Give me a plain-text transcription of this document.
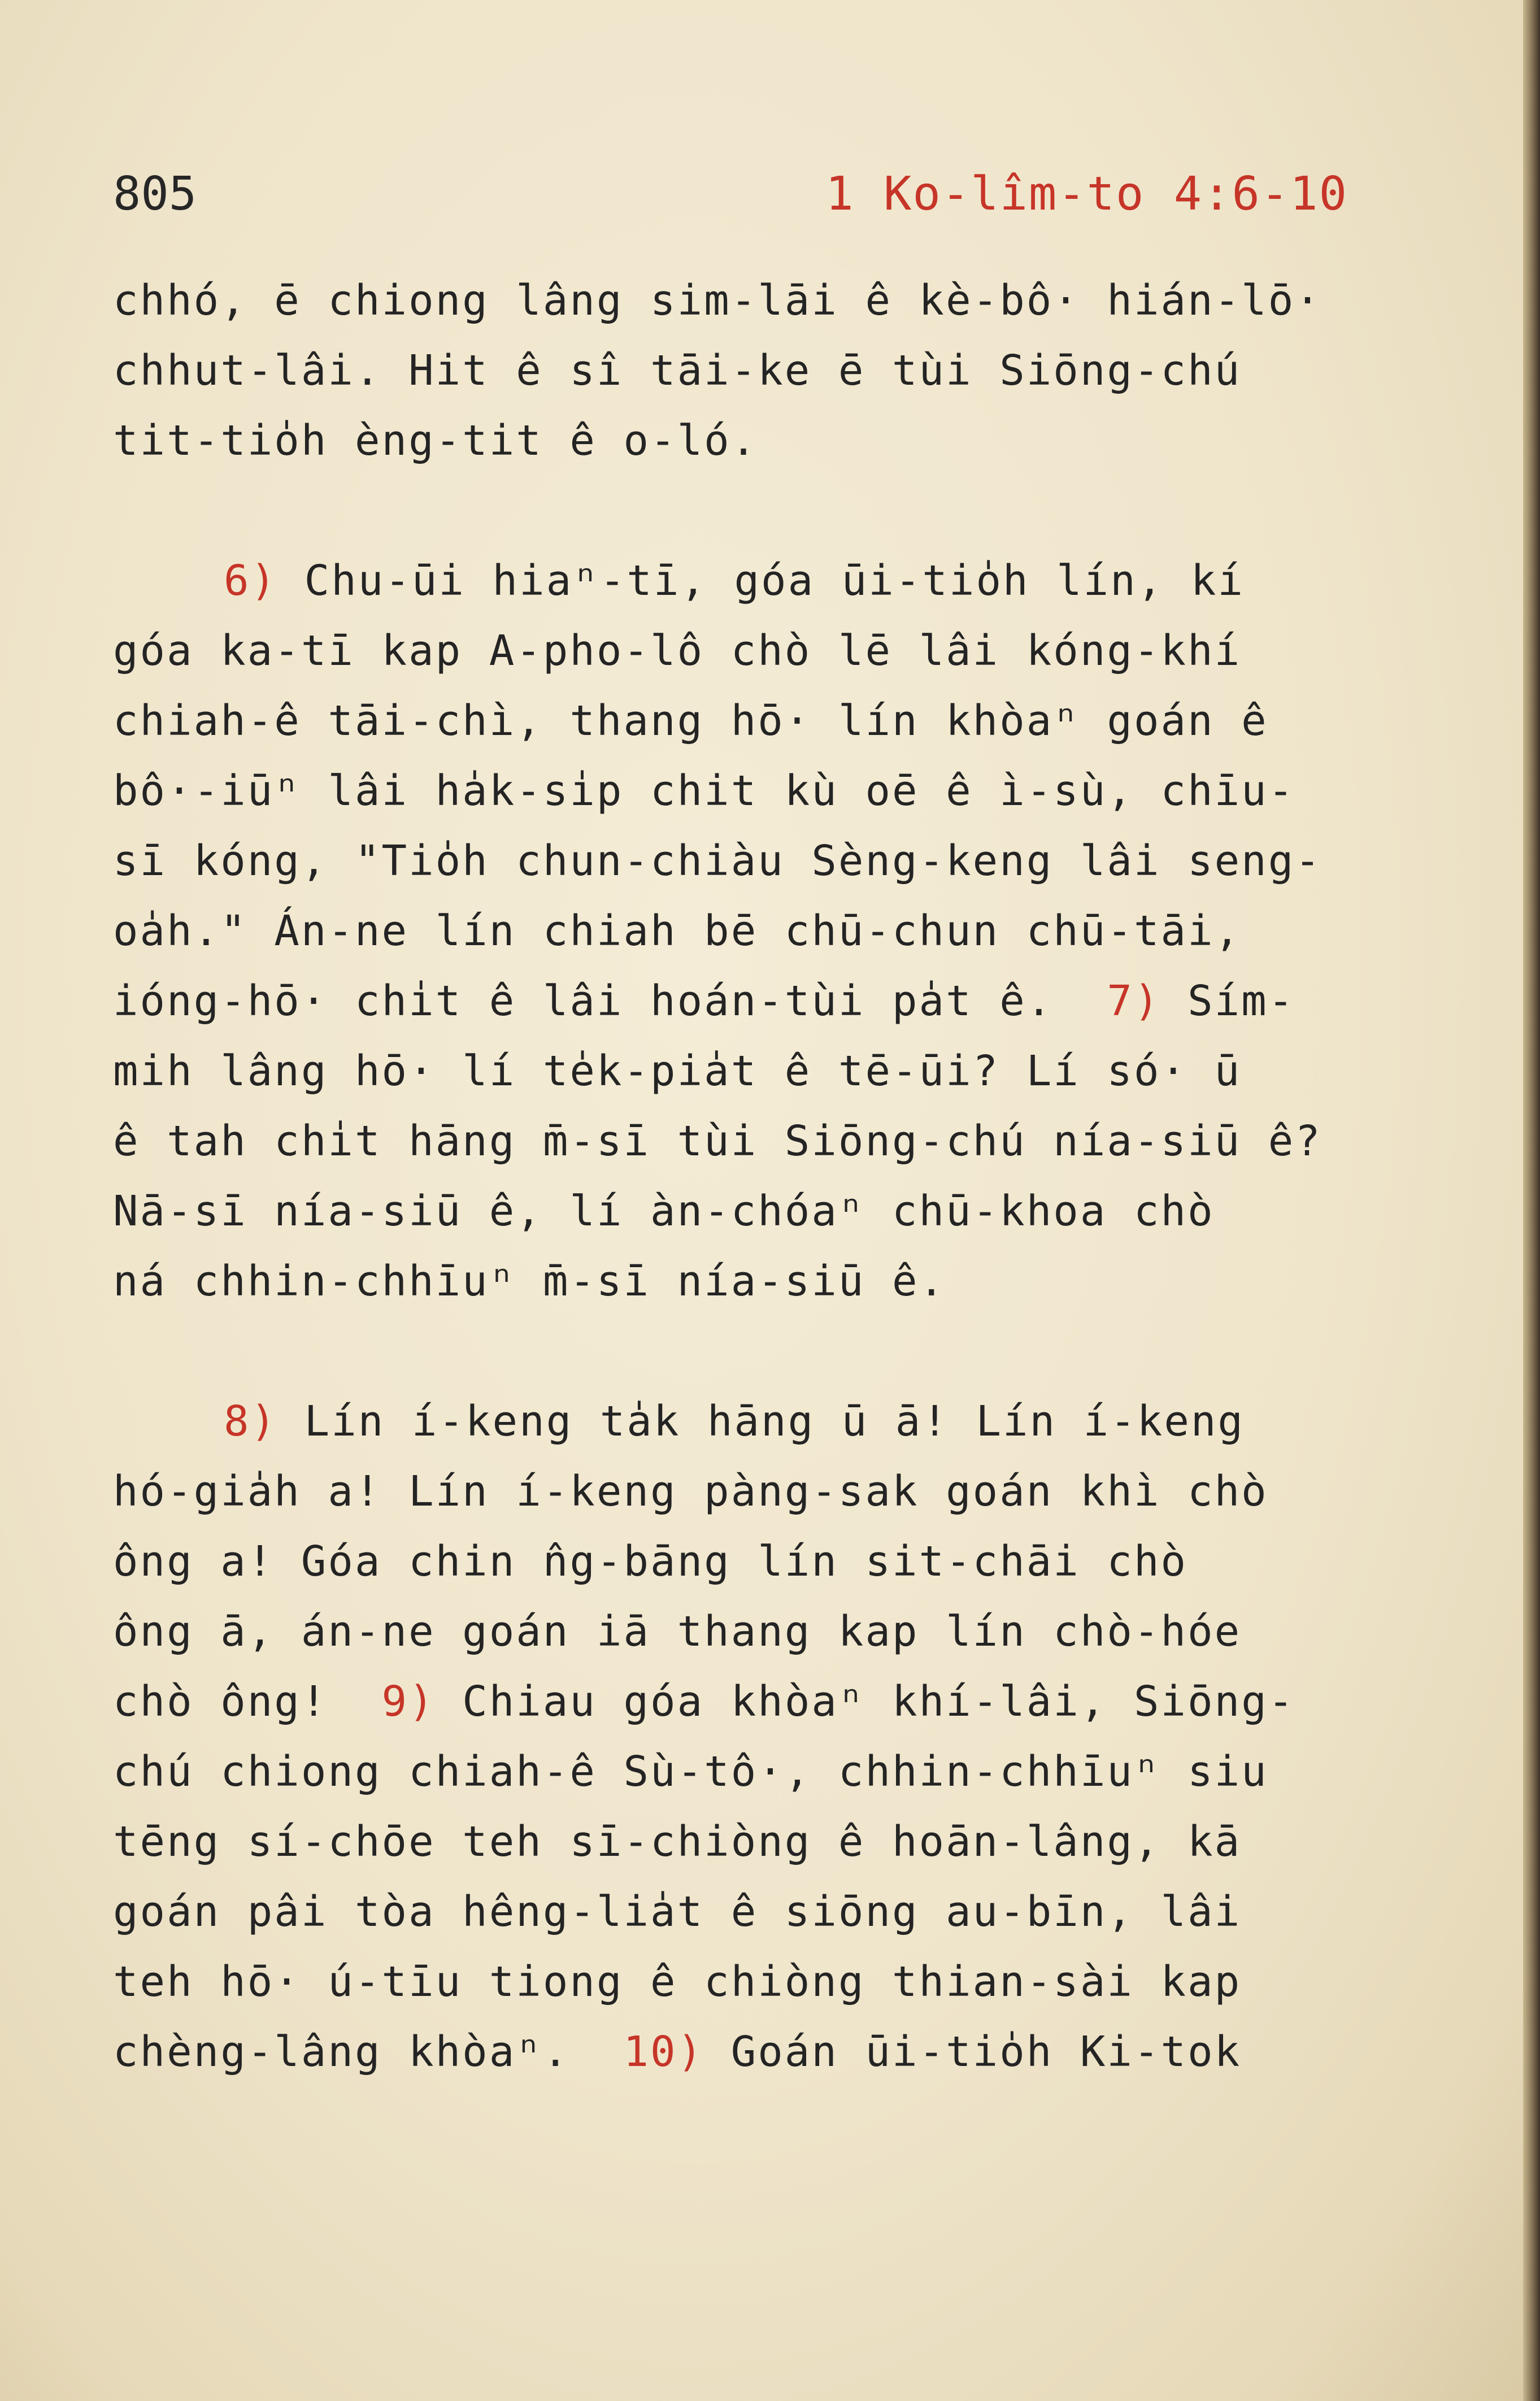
805	1 Ko-lîm-to 4:6-10
chhó, ē chiong lâng sim-lāi ê kè-bô· hián-lō·
chhut-lâi. Hit ê sî tāi-ke ē tùi Siōng-chú
tit-tio̍h èng-tit ê o-ló.
6) Chu-ūi hiaⁿ-tī, góa ūi-tio̍h lín, kí
góa ka-tī kap A-pho-lô chò lē lâi kóng-khí
chiah-ê tāi-chì, thang hō· lín khòaⁿ goán ê
bô·-iūⁿ lâi ha̍k-si̍p chit kù oē ê ì-sù, chīu-
sī kóng, "Tio̍h chun-chiàu Sèng-keng lâi seng-
oa̍h." Án-ne lín chiah bē chū-chun chū-tāi,
ióng-hō· chi̍t ê lâi hoán-tùi pa̍t ê.  7) Sím-
mih lâng hō· lí te̍k-pia̍t ê tē-ūi? Lí só· ū
ê tah chi̍t hāng m̄-sī tùi Siōng-chú nía-siū ê?
Nā-sī nía-siū ê, lí àn-chóaⁿ chū-khoa chò
ná chhin-chhīuⁿ m̄-sī nía-siū ê.
8) Lín í-keng ta̍k hāng ū ā! Lín í-keng
hó-gia̍h a! Lín í-keng pàng-sak goán khì chò
ông a! Góa chin n̂g-bāng lín sit-chāi chò
ông ā, án-ne goán iā thang kap lín chò-hóe
chò ông!  9) Chiau góa khòaⁿ khí-lâi, Siōng-
chú chiong chiah-ê Sù-tô·, chhin-chhīuⁿ siu
tēng sí-chōe teh sī-chiòng ê hoān-lâng, kā
goán pâi tòa hêng-lia̍t ê siōng au-bīn, lâi
teh hō· ú-tīu tiong ê chiòng thian-sài kap
chèng-lâng khòaⁿ.  10) Goán ūi-tio̍h Ki-tok
